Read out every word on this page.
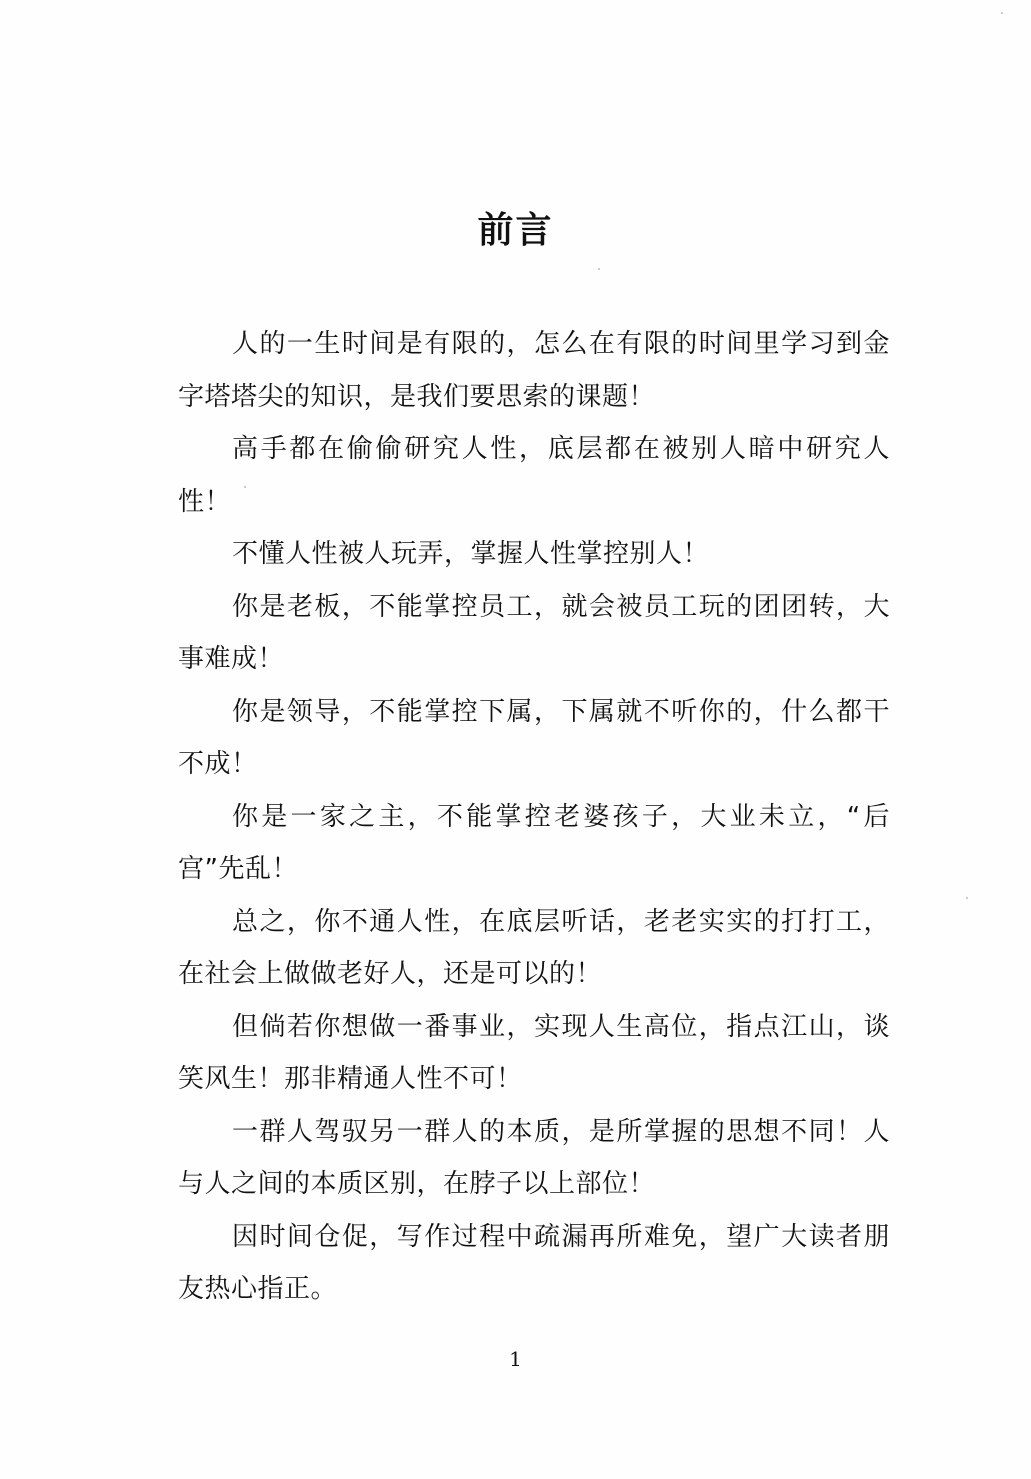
前言

人的一生时间是有限的，怎么在有限的时间里学习到金字塔塔尖的知识，是我们要思索的课题！

高手都在偷偷研究人性，底层都在被别人暗中研究人性！

不懂人性被人玩弄，掌握人性掌控别人！

你是老板，不能掌控员工，就会被员工玩的团团转，大事难成！

你是领导，不能掌控下属，下属就不听你的，什么都干不成！

你是一家之主，不能掌控老婆孩子，大业未立，“后宫”先乱！

总之，你不通人性，在底层听话，老老实实的打打工，在社会上做做老好人，还是可以的！

但倘若你想做一番事业，实现人生高位，指点江山，谈笑风生！那非精通人性不可！

一群人驾驭另一群人的本质，是所掌握的思想不同！人与人之间的本质区别，在脖子以上部位！

因时间仓促，写作过程中疏漏再所难免，望广大读者朋友热心指正。

1
